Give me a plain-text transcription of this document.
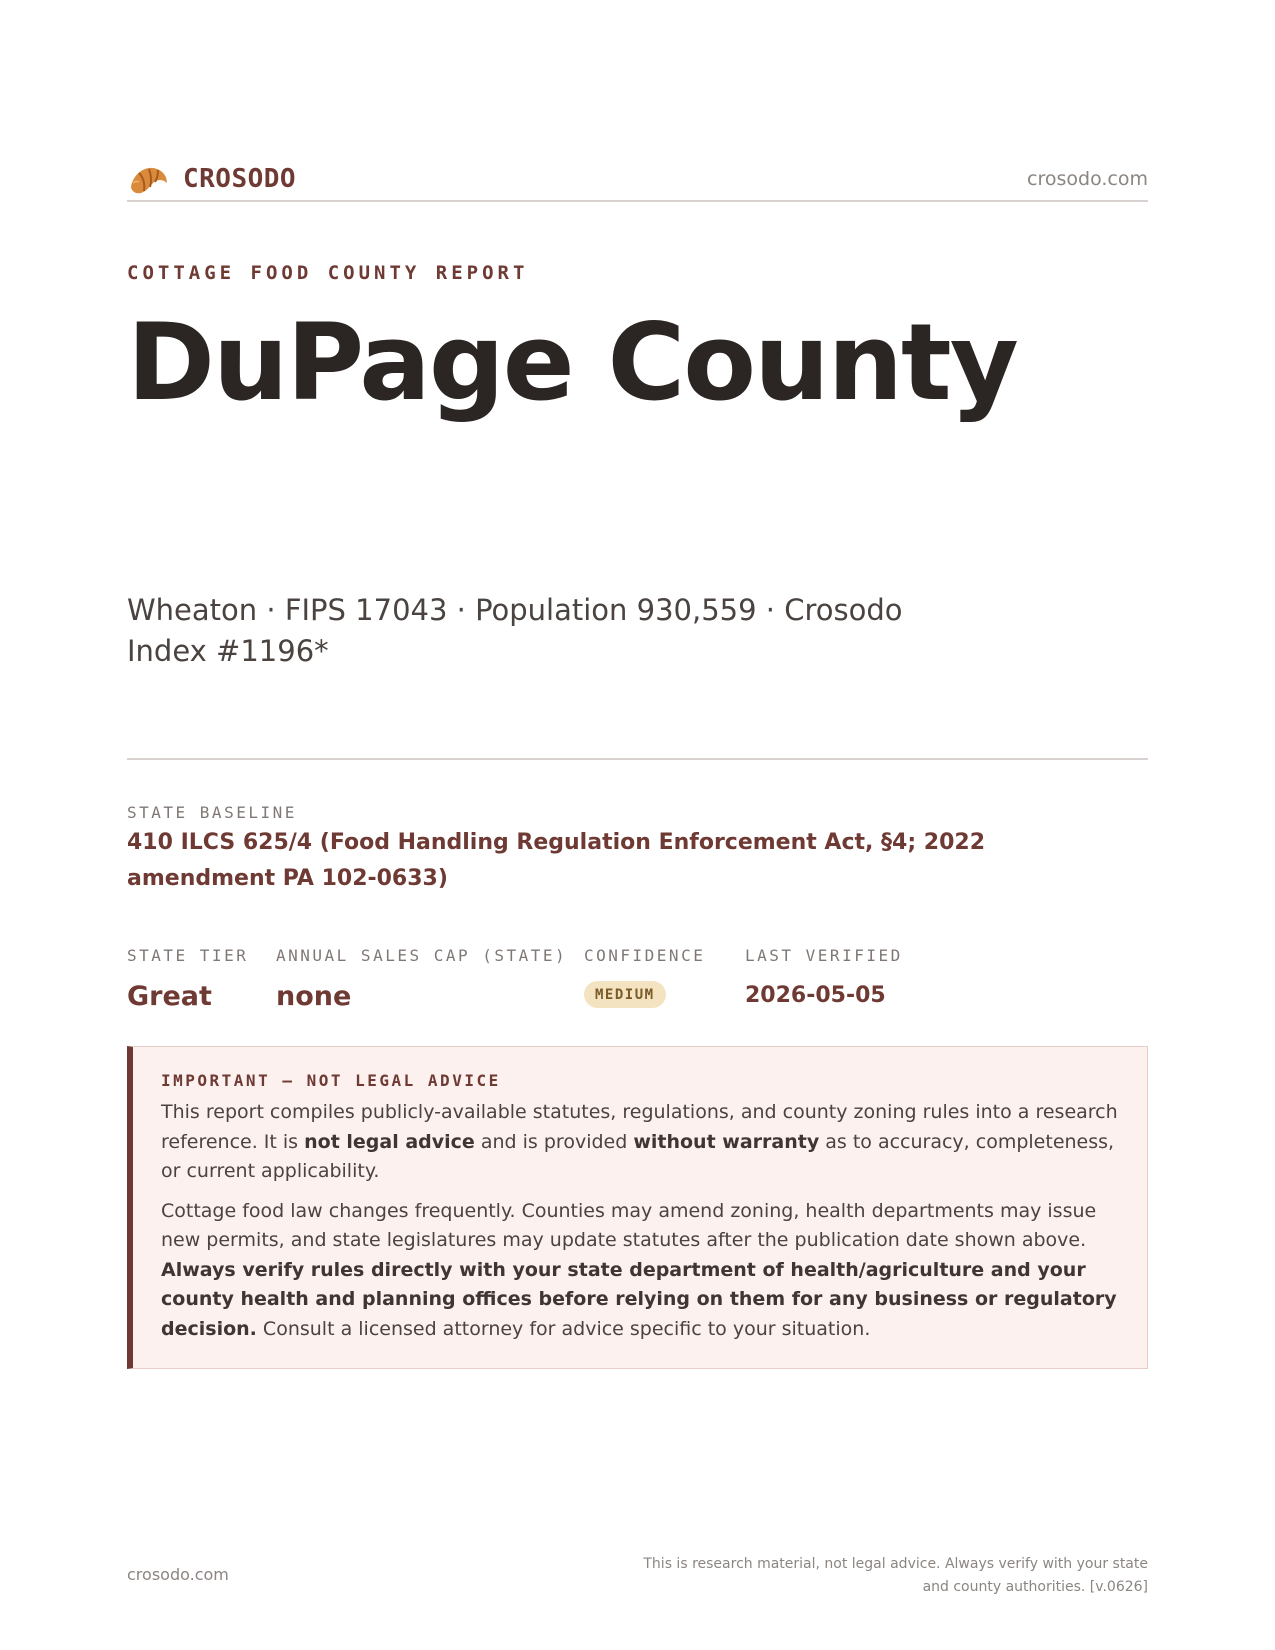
CROSODO	crosodo.com
COTTAGE FOOD COUNTY REPORT
DuPage County
Wheaton · FIPS 17043 · Population 930,559 · Crosodo Index #1196*
STATE BASELINE
410 ILCS 625/4 (Food Handling Regulation Enforcement Act, §4; 2022 amendment PA 102-0633)
STATE TIER
Great
ANNUAL SALES CAP (STATE)
none
CONFIDENCE
MEDIUM
LAST VERIFIED
2026-05-05
IMPORTANT — NOT LEGAL ADVICE

This report compiles publicly-available statutes, regulations, and county zoning rules into a research reference. It is not legal advice and is provided without warranty as to accuracy, completeness, or current applicability.

Cottage food law changes frequently. Counties may amend zoning, health departments may issue new permits, and state legislatures may update statutes after the publication date shown above. Always verify rules directly with your state department of health/agriculture and your county health and planning offices before relying on them for any business or regulatory decision. Consult a licensed attorney for advice specific to your situation.

crosodo.com
This is research material, not legal advice. Always verify with your state and county authorities. [v.0626]
